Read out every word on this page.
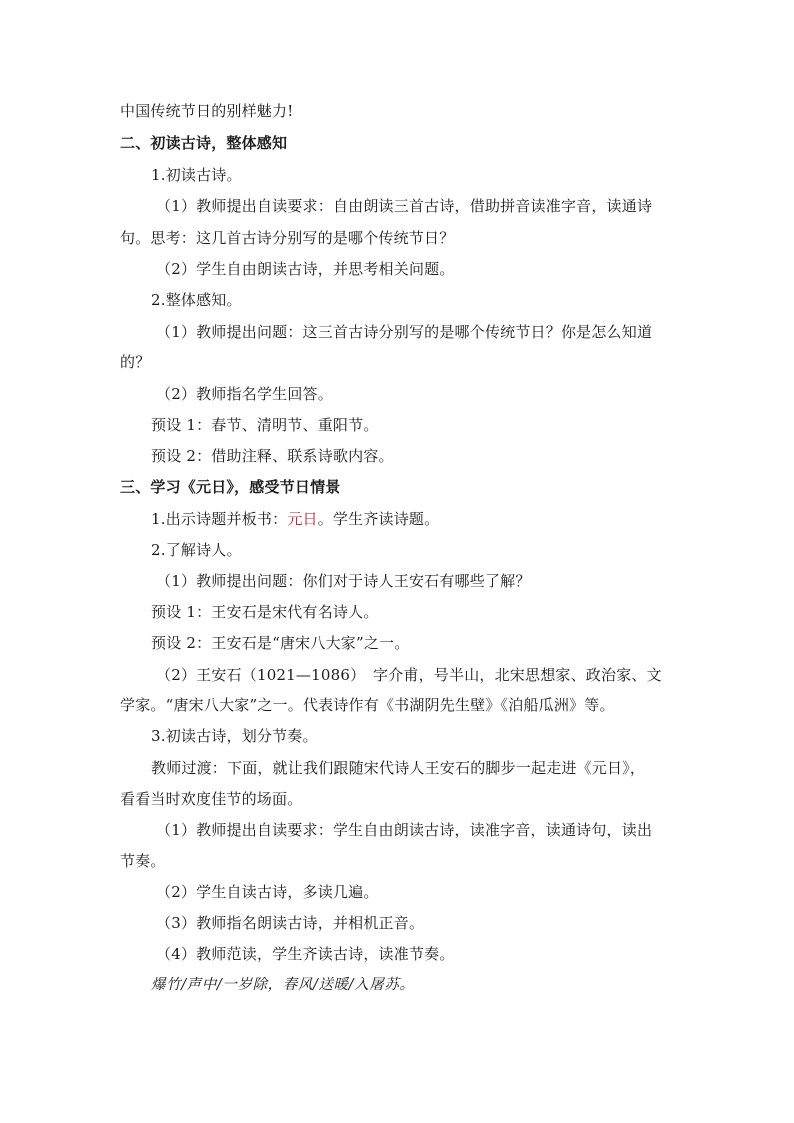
中国传统节日的别样魅力!
二、初读古诗，整体感知
1.初读古诗。
（1）教师提出自读要求：自由朗读三首古诗，借助拼音读准字音，读通诗
句。思考：这几首古诗分别写的是哪个传统节日？
（2）学生自由朗读古诗，并思考相关问题。
2.整体感知。
（1）教师提出问题：这三首古诗分别写的是哪个传统节日？你是怎么知道
的？
（2）教师指名学生回答。
预设 1：春节、清明节、重阳节。
预设 2：借助注释、联系诗歌内容。
三、学习《元日》，感受节日情景
1.出示诗题并板书：元日。学生齐读诗题。
2.了解诗人。
（1）教师提出问题：你们对于诗人王安石有哪些了解？
预设 1：王安石是宋代有名诗人。
预设 2：王安石是“唐宋八大家”之一。
（2）王安石（1021—1086）　字介甫，号半山，北宋思想家、政治家、文
学家。“唐宋八大家”之一。代表诗作有《书湖阴先生壁》《泊船瓜洲》等。
3.初读古诗，划分节奏。
教师过渡：下面，就让我们跟随宋代诗人王安石的脚步一起走进《元日》，
看看当时欢度佳节的场面。
（1）教师提出自读要求：学生自由朗读古诗，读准字音，读通诗句，读出
节奏。
（2）学生自读古诗，多读几遍。
（3）教师指名朗读古诗，并相机正音。
（4）教师范读，学生齐读古诗，读准节奏。
爆竹/声中/一岁除，春风/送暖/入屠苏。
